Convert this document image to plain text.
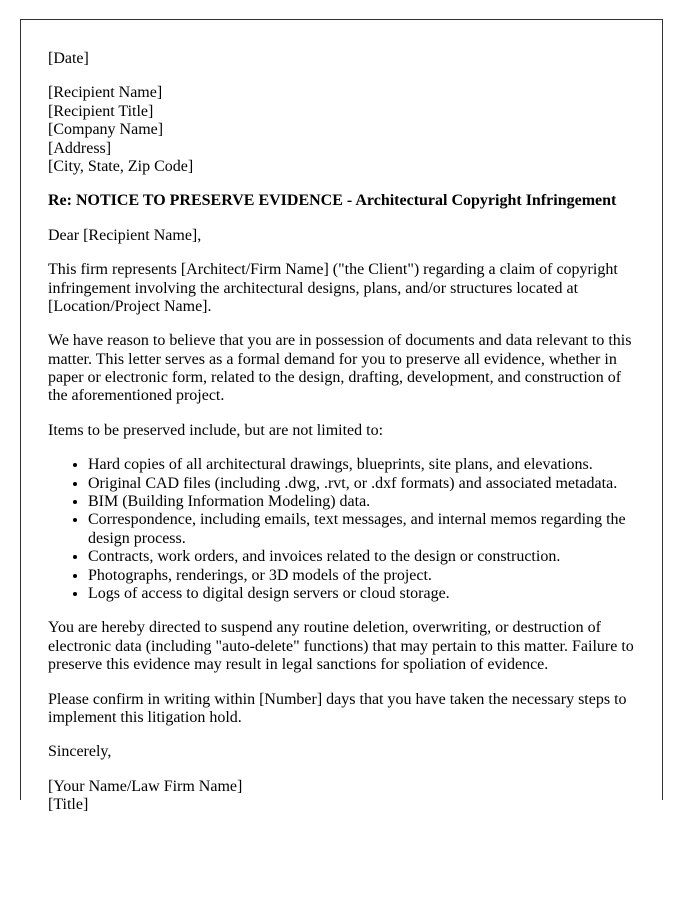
[Date]

[Recipient Name]
[Recipient Title]
[Company Name]
[Address]
[City, State, Zip Code]

Re: NOTICE TO PRESERVE EVIDENCE - Architectural Copyright Infringement

Dear [Recipient Name],

This firm represents [Architect/Firm Name] ("the Client") regarding a claim of copyright infringement involving the architectural designs, plans, and/or structures located at [Location/Project Name].

We have reason to believe that you are in possession of documents and data relevant to this matter. This letter serves as a formal demand for you to preserve all evidence, whether in paper or electronic form, related to the design, drafting, development, and construction of the aforementioned project.

Items to be preserved include, but are not limited to:

• Hard copies of all architectural drawings, blueprints, site plans, and elevations.
• Original CAD files (including .dwg, .rvt, or .dxf formats) and associated metadata.
• BIM (Building Information Modeling) data.
• Correspondence, including emails, text messages, and internal memos regarding the design process.
• Contracts, work orders, and invoices related to the design or construction.
• Photographs, renderings, or 3D models of the project.
• Logs of access to digital design servers or cloud storage.

You are hereby directed to suspend any routine deletion, overwriting, or destruction of electronic data (including "auto-delete" functions) that may pertain to this matter. Failure to preserve this evidence may result in legal sanctions for spoliation of evidence.

Please confirm in writing within [Number] days that you have taken the necessary steps to implement this litigation hold.

Sincerely,

[Your Name/Law Firm Name]
[Title]
